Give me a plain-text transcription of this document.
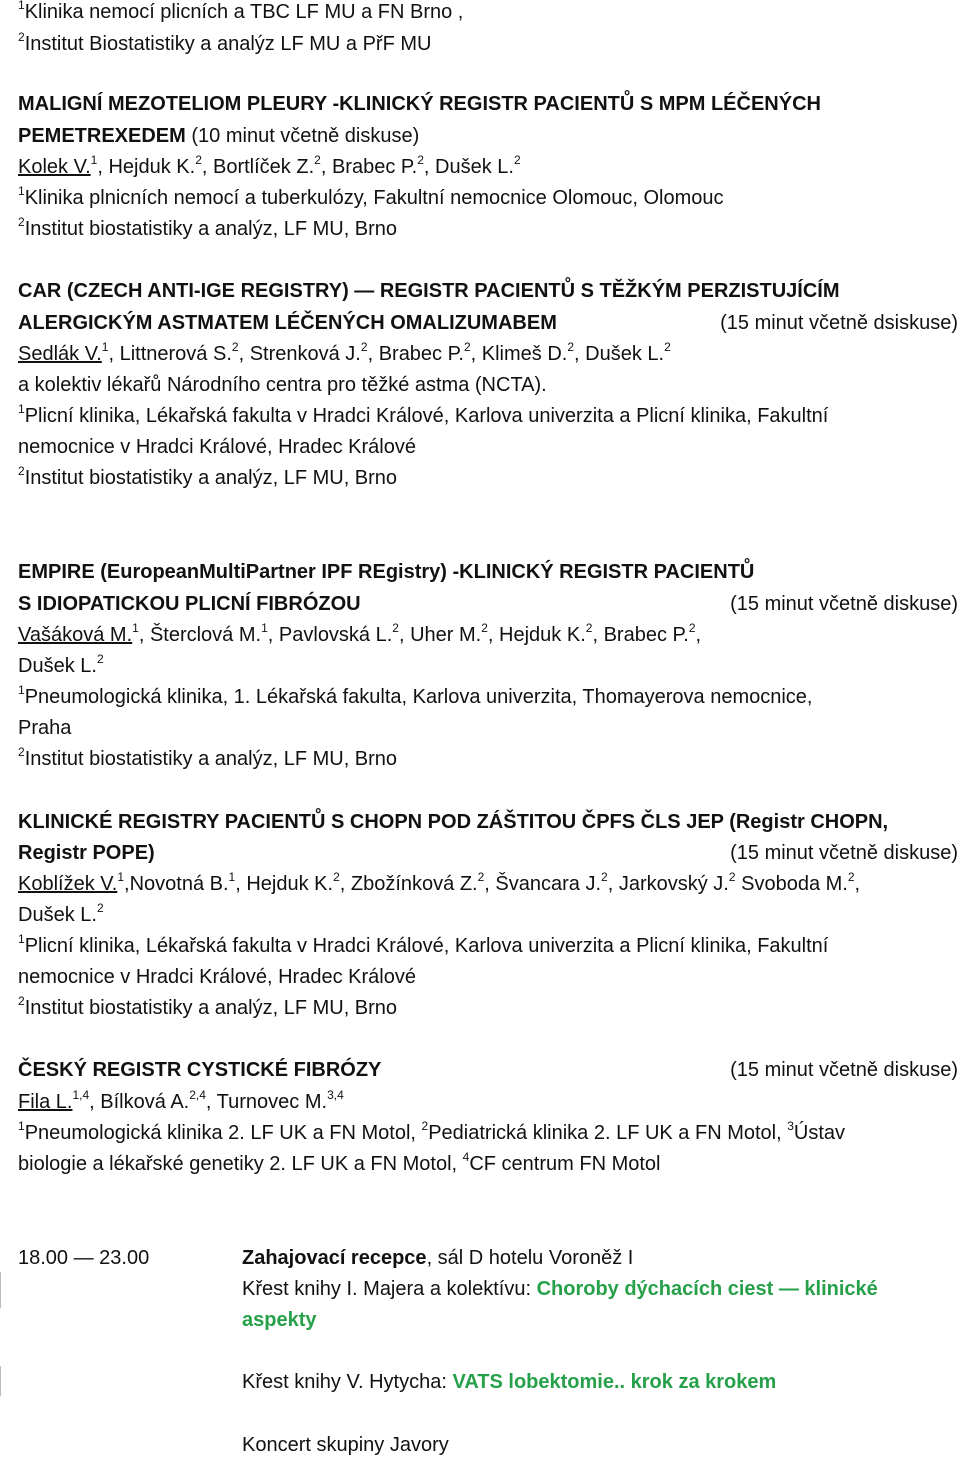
$^1$Klinika nemocí plicních a TBC LF MU a FN Brno ,
$^2$Institut Biostatistiky a analýz LF MU a PřF MU
MALIGNÍ MEZOTELIOM PLEURY -KLINICKÝ REGISTR PACIENTŮ S MPM LÉČENÝCH
PEMETREXEDEM (10 minut včetně diskuse)
Kolek V.$^1$, Hejduk K.$^2$, Bortlíček Z.$^2$, Brabec P.$^2$, Dušek L.$^2$
$^1$Klinika plnicních nemocí a tuberkulózy, Fakultní nemocnice Olomouc, Olomouc
$^2$Institut biostatistiky a analýz, LF MU, Brno
CAR (CZECH ANTI-IGE REGISTRY) — REGISTR PACIENTŮ S TĚŽKÝM PERZISTUJÍCÍM
ALERGICKÝM ASTMATEM LÉČENÝCH OMALIZUMABEM	(15 minut včetně dsiskuse)
Sedlák V.$^1$, Littnerová S.$^2$, Strenková J.$^2$, Brabec P.$^2$, Klimeš D.$^2$, Dušek L.$^2$
a kolektiv lékařů Národního centra pro těžké astma (NCTA).
$^1$Plicní klinika, Lékařská fakulta v Hradci Králové, Karlova univerzita a Plicní klinika, Fakultní
nemocnice v Hradci Králové, Hradec Králové
$^2$Institut biostatistiky a analýz, LF MU, Brno
EMPIRE (EuropeanMultiPartner IPF REgistry) -KLINICKÝ REGISTR PACIENTŮ
S IDIOPATICKOU PLICNÍ FIBRÓZOU	(15 minut včetně diskuse)
Vašáková M.$^1$, Šterclová M.$^1$, Pavlovská L.$^2$, Uher M.$^2$, Hejduk K.$^2$, Brabec P.$^2$,
Dušek L.$^2$
$^1$Pneumologická klinika, 1. Lékařská fakulta, Karlova univerzita, Thomayerova nemocnice,
Praha
$^2$Institut biostatistiky a analýz, LF MU, Brno
KLINICKÉ REGISTRY PACIENTŮ S CHOPN POD ZÁŠTITOU ČPFS ČLS JEP (Registr CHOPN,
Registr POPE)	(15 minut včetně diskuse)
Koblížek V.$^1$,Novotná B.$^1$, Hejduk K.$^2$, Zbožínková Z.$^2$, Švancara J.$^2$, Jarkovský J.$^2$ Svoboda M.$^2$,
Dušek L.$^2$
$^1$Plicní klinika, Lékařská fakulta v Hradci Králové, Karlova univerzita a Plicní klinika, Fakultní
nemocnice v Hradci Králové, Hradec Králové
$^2$Institut biostatistiky a analýz, LF MU, Brno
ČESKÝ REGISTR CYSTICKÉ FIBRÓZY	(15 minut včetně diskuse)
Fila L.$^{1,4}$, Bílková A.$^{2,4}$, Turnovec M.$^{3,4}$
$^1$Pneumologická klinika 2. LF UK a FN Motol, $^2$Pediatrická klinika 2. LF UK a FN Motol, $^3$Ústav
biologie a lékařské genetiky 2. LF UK a FN Motol, $^4$CF centrum FN Motol
18.00 — 23.00	Zahajovací recepce, sál D hotelu Voroněž I
Křest knihy I. Majera a kolektívu: Choroby dýchacích ciest — klinické
aspekty
Křest knihy V. Hytycha: VATS lobektomie.. krok za krokem
Koncert skupiny Javory
